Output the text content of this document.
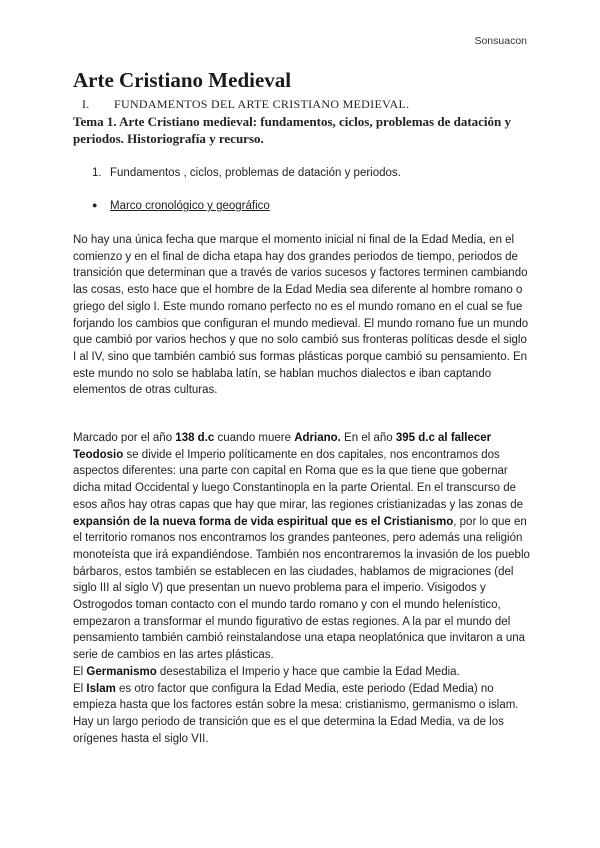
Sonsuacon
Arte Cristiano Medieval
I. FUNDAMENTOS DEL ARTE CRISTIANO MEDIEVAL.

Tema 1. Arte Cristiano medieval: fundamentos, ciclos, problemas de datación y periodos. Historiografía y recurso.

1. Fundamentos , ciclos, problemas de datación y periodos.
● Marco cronológico y geográfico

No hay una única fecha que marque el momento inicial ni final de la Edad Media, en el comienzo y en el final de dicha etapa hay dos grandes periodos de tiempo, periodos de transición que determinan que a través de varios sucesos y factores terminen cambiando las cosas, esto hace que el hombre de la Edad Media sea diferente al hombre romano o griego del siglo I. Este mundo romano perfecto no es el mundo romano en el cual se fue forjando los cambios que configuran el mundo medieval. El mundo romano fue un mundo que cambió por varios hechos y que no solo cambió sus fronteras políticas desde el siglo I al IV, sino que también cambió sus formas plásticas porque cambió su pensamiento. En este mundo no solo se hablaba latín, se hablan muchos dialectos e iban captando elementos de otras culturas.

Marcado por el año 138 d.c cuando muere Adriano. En el año 395 d.c al fallecer Teodosio se divide el Imperio políticamente en dos capitales, nos encontramos dos aspectos diferentes: una parte con capital en Roma que es la que tiene que gobernar dicha mitad Occidental y luego Constantinopla en la parte Oriental. En el transcurso de esos años hay otras capas que hay que mirar, las regiones cristianizadas y las zonas de expansión de la nueva forma de vida espiritual que es el Cristianismo, por lo que en el territorio romanos nos encontramos los grandes panteones, pero además una religión monoteísta que irá expandiéndose. También nos encontraremos la invasión de los pueblo bárbaros, estos también se establecen en las ciudades, hablamos de migraciones (del siglo III al siglo V) que presentan un nuevo problema para el imperio. Visigodos y Ostrogodos toman contacto con el mundo tardo romano y con el mundo helenístico, empezaron a transformar el mundo figurativo de estas regiones. A la par el mundo del pensamiento también cambió reinstalandose una etapa neoplatónica que invitaron a una serie de cambios en las artes plásticas.
El Germanismo desestabiliza el Imperio y hace que cambie la Edad Media.
El Islam es otro factor que configura la Edad Media, este periodo (Edad Media) no empieza hasta que los factores están sobre la mesa: cristianismo, germanismo o islam. Hay un largo periodo de transición que es el que determina la Edad Media, va de los orígenes hasta el siglo VII.
